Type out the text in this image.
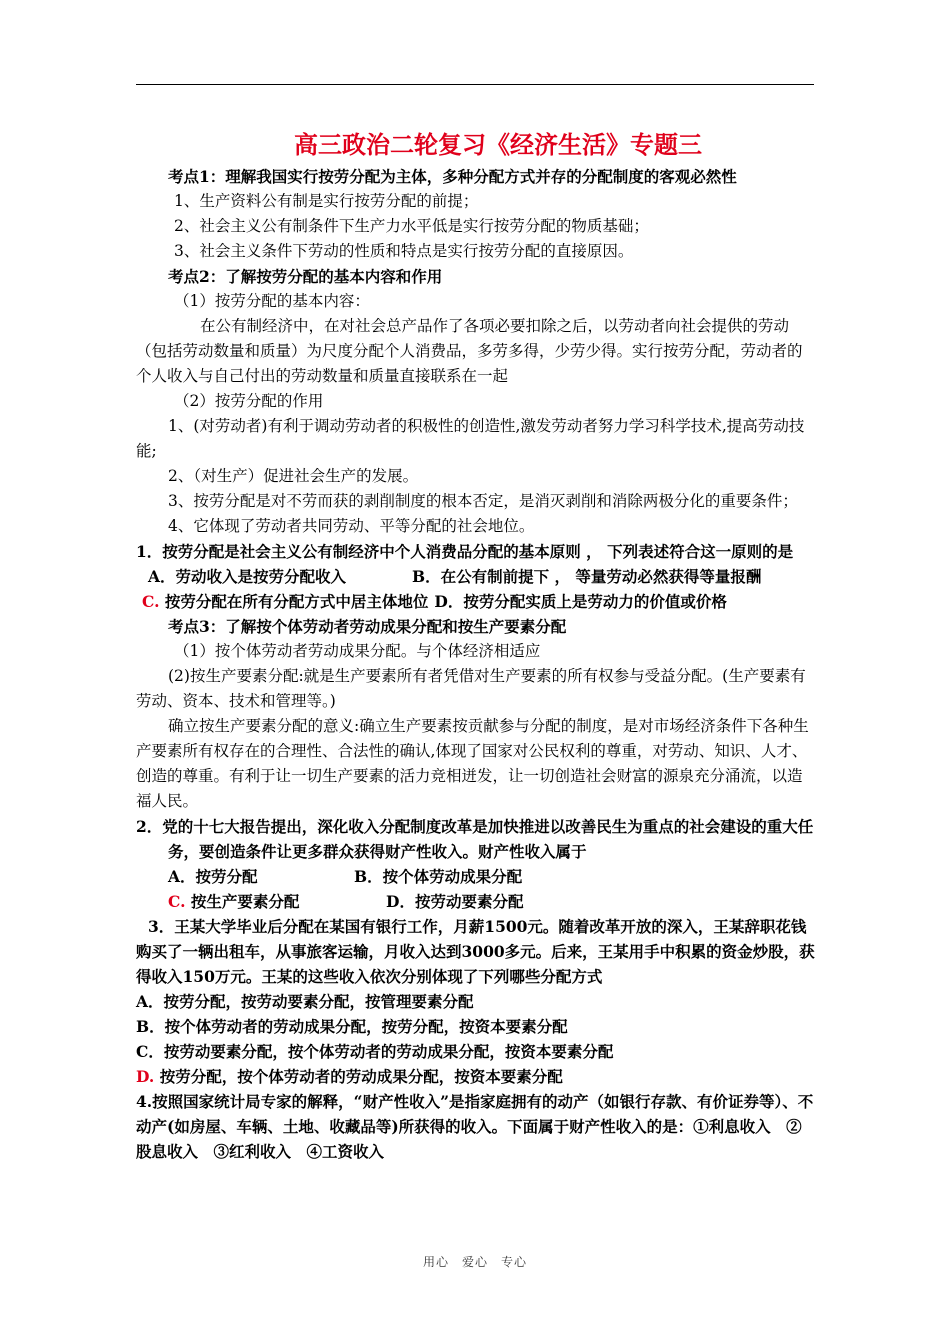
高三政治二轮复习《经济生活》专题三

考点1：理解我国实行按劳分配为主体，多种分配方式并存的分配制度的客观必然性

1、生产资料公有制是实行按劳分配的前提；

2、社会主义公有制条件下生产力水平低是实行按劳分配的物质基础；

3、社会主义条件下劳动的性质和特点是实行按劳分配的直接原因。

考点2：了解按劳分配的基本内容和作用

（1）按劳分配的基本内容：

在公有制经济中，在对社会总产品作了各项必要扣除之后，以劳动者向社会提供的劳动（包括劳动数量和质量）为尺度分配个人消费品，多劳多得，少劳少得。实行按劳分配，劳动者的个人收入与自己付出的劳动数量和质量直接联系在一起

（2）按劳分配的作用

1、(对劳动者)有利于调动劳动者的积极性的创造性,激发劳动者努力学习科学技术,提高劳动技能;

2、（对生产）促进社会生产的发展。

3、按劳分配是对不劳而获的剥削制度的根本否定，是消灭剥削和消除两极分化的重要条件；

4、它体现了劳动者共同劳动、平等分配的社会地位。

1．按劳分配是社会主义公有制经济中个人消费品分配的基本原则 ， 下列表述符合这一原则的是

A．劳动收入是按劳分配收入	B．在公有制前提下 ， 等量劳动必然获得等量报酬
C. 按劳分配在所有分配方式中居主体地位 D．按劳分配实质上是劳动力的价值或价格

考点3：了解按个体劳动者劳动成果分配和按生产要素分配

（1）按个体劳动者劳动成果分配。与个体经济相适应

(2)按生产要素分配:就是生产要素所有者凭借对生产要素的所有权参与受益分配。(生产要素有劳动、资本、技术和管理等。)

确立按生产要素分配的意义:确立生产要素按贡献参与分配的制度，是对市场经济条件下各种生产要素所有权存在的合理性、合法性的确认,体现了国家对公民权利的尊重，对劳动、知识、人才、创造的尊重。有利于让一切生产要素的活力竞相迸发，让一切创造社会财富的源泉充分涌流，以造福人民。

2．党的十七大报告提出，深化收入分配制度改革是加快推进以改善民生为重点的社会建设的重大任务，要创造条件让更多群众获得财产性收入。财产性收入属于

A．按劳分配	B．按个体劳动成果分配
C. 按生产要素分配	D．按劳动要素分配

3．王某大学毕业后分配在某国有银行工作，月薪1500元。随着改革开放的深入，王某辞职花钱购买了一辆出租车，从事旅客运输，月收入达到3000多元。后来，王某用手中积累的资金炒股，获得收入150万元。王某的这些收入依次分别体现了下列哪些分配方式

A．按劳分配，按劳动要素分配，按管理要素分配

B．按个体劳动者的劳动成果分配，按劳分配，按资本要素分配

C．按劳动要素分配，按个体劳动者的劳动成果分配，按资本要素分配

D. 按劳分配，按个体劳动者的劳动成果分配，按资本要素分配

4.按照国家统计局专家的解释，“财产性收入”是指家庭拥有的动产（如银行存款、有价证券等）、不动产(如房屋、车辆、土地、收藏品等)所获得的收入。下面属于财产性收入的是：①利息收入　②股息收入　③红利收入　④工资收入

用心　爱心　专心
